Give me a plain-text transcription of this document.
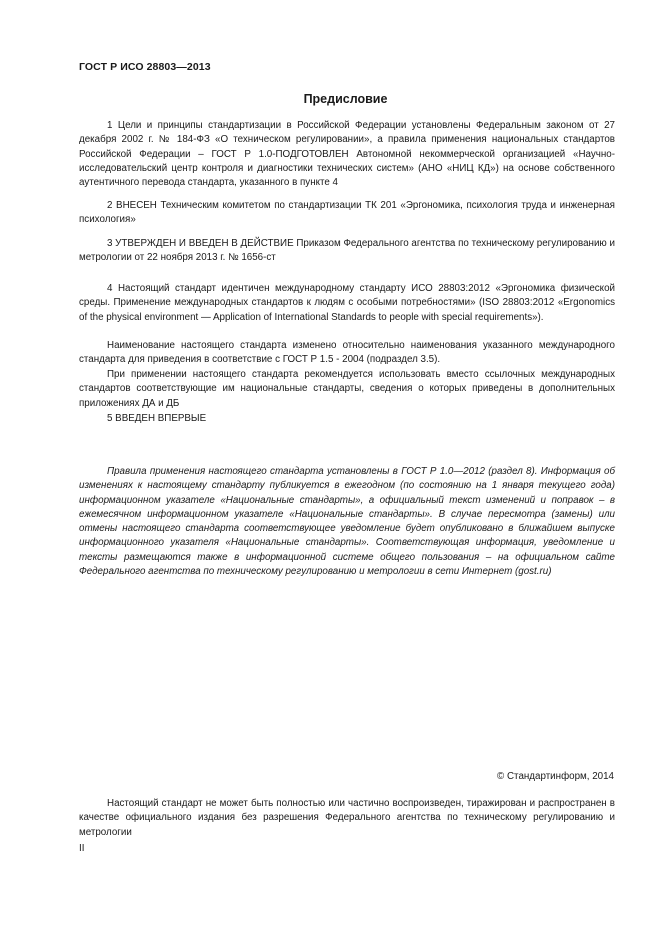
ГОСТ Р ИСО 28803—2013
Предисловие
1 Цели и принципы стандартизации в Российской Федерации установлены Федеральным законом от 27 декабря 2002 г. № 184-ФЗ «О техническом регулировании», а правила применения национальных стандартов Российской Федерации – ГОСТ Р 1.0-ПОДГОТОВЛЕН Автономной некоммерческой организацией «Научно-исследовательский центр контроля и диагностики технических систем» (АНО «НИЦ КД») на основе собственного аутентичного перевода стандарта, указанного в пункте 4
2 ВНЕСЕН Техническим комитетом по стандартизации ТК 201 «Эргономика, психология труда и инженерная психология»
3 УТВЕРЖДЕН И ВВЕДЕН В ДЕЙСТВИЕ Приказом Федерального агентства по техническому регулированию и метрологии от 22 ноября 2013 г. № 1656-ст
4 Настоящий стандарт идентичен международному стандарту ИСО 28803:2012 «Эргономика физической среды. Применение международных стандартов к людям с особыми потребностями» (ISO 28803:2012 «Ergonomics of the physical environment — Application of International Standards to people with special requirements»).
Наименование настоящего стандарта изменено относительно наименования указанного международного стандарта для приведения в соответствие с ГОСТ Р 1.5 - 2004 (подраздел 3.5).
При применении настоящего стандарта рекомендуется использовать вместо ссылочных международных стандартов соответствующие им национальные стандарты, сведения о которых приведены в дополнительных приложениях ДА и ДБ
5 ВВЕДЕН ВПЕРВЫЕ
Правила применения настоящего стандарта установлены в ГОСТ Р 1.0—2012 (раздел 8). Информация об изменениях к настоящему стандарту публикуется в ежегодном (по состоянию на 1 января текущего года) информационном указателе «Национальные стандарты», а официальный текст изменений и поправок – в ежемесячном информационном указателе «Национальные стандарты». В случае пересмотра (замены) или отмены настоящего стандарта соответствующее уведомление будет опубликовано в ближайшем выпуске информационного указателя «Национальные стандарты». Соответствующая информация, уведомление и тексты размещаются также в информационной системе общего пользования – на официальном сайте Федерального агентства по техническому регулированию и метрологии в сети Интернет (gost.ru)
© Стандартинформ, 2014
Настоящий стандарт не может быть полностью или частично воспроизведен, тиражирован и распространен в качестве официального издания без разрешения Федерального агентства по техническому регулированию и метрологии
II
